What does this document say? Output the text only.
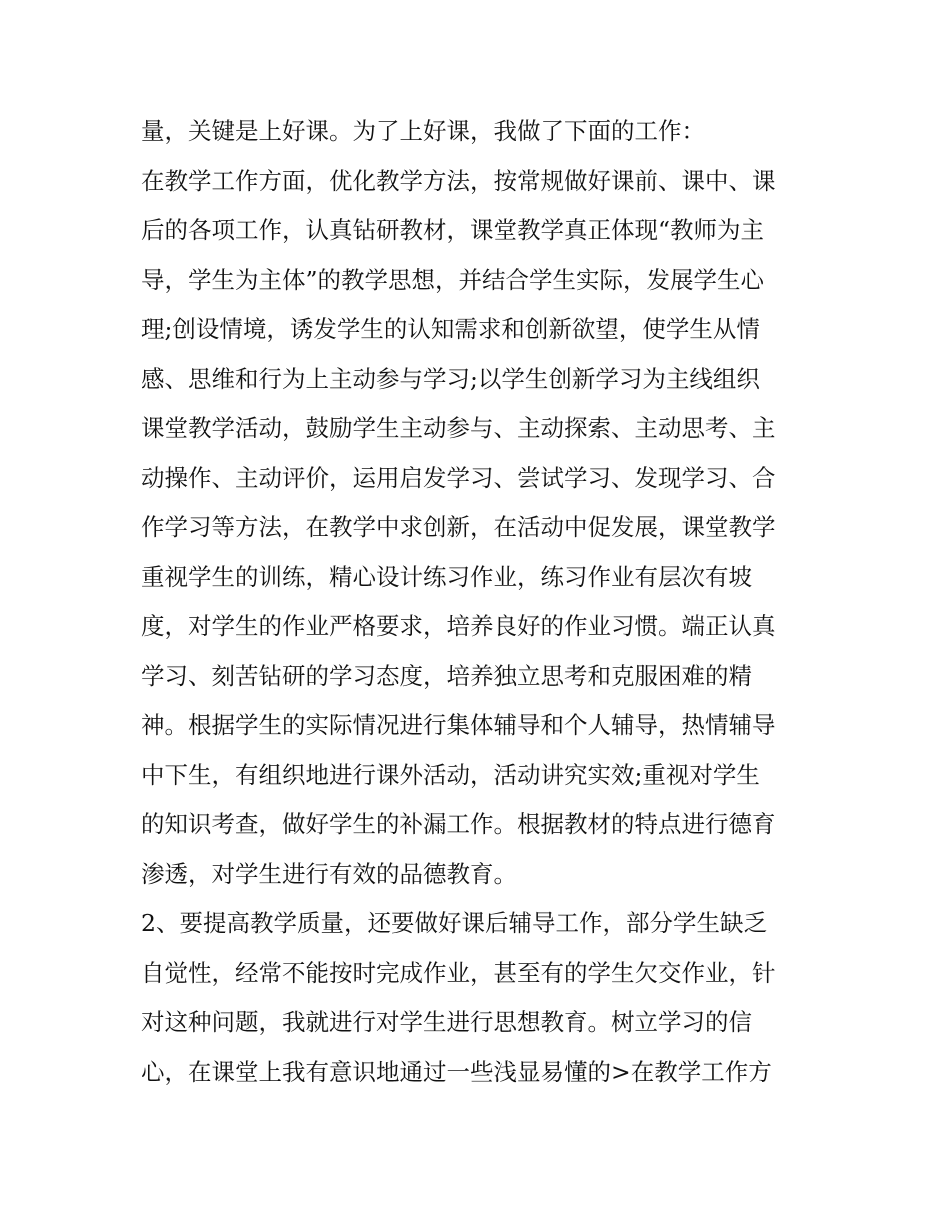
量，关键是上好课。为了上好课，我做了下面的工作：
在教学工作方面，优化教学方法，按常规做好课前、课中、课
后的各项工作，认真钻研教材，课堂教学真正体现“教师为主
导，学生为主体”的教学思想，并结合学生实际，发展学生心
理;创设情境，诱发学生的认知需求和创新欲望，使学生从情
感、思维和行为上主动参与学习;以学生创新学习为主线组织
课堂教学活动，鼓励学生主动参与、主动探索、主动思考、主
动操作、主动评价，运用启发学习、尝试学习、发现学习、合
作学习等方法，在教学中求创新，在活动中促发展，课堂教学
重视学生的训练，精心设计练习作业，练习作业有层次有坡
度，对学生的作业严格要求，培养良好的作业习惯。端正认真
学习、刻苦钻研的学习态度，培养独立思考和克服困难的精
神。根据学生的实际情况进行集体辅导和个人辅导，热情辅导
中下生，有组织地进行课外活动，活动讲究实效;重视对学生
的知识考查，做好学生的补漏工作。根据教材的特点进行德育
渗透，对学生进行有效的品德教育。
2、要提高教学质量，还要做好课后辅导工作，部分学生缺乏
自觉性，经常不能按时完成作业，甚至有的学生欠交作业，针
对这种问题，我就进行对学生进行思想教育。树立学习的信
心，在课堂上我有意识地通过一些浅显易懂的>在教学工作方
